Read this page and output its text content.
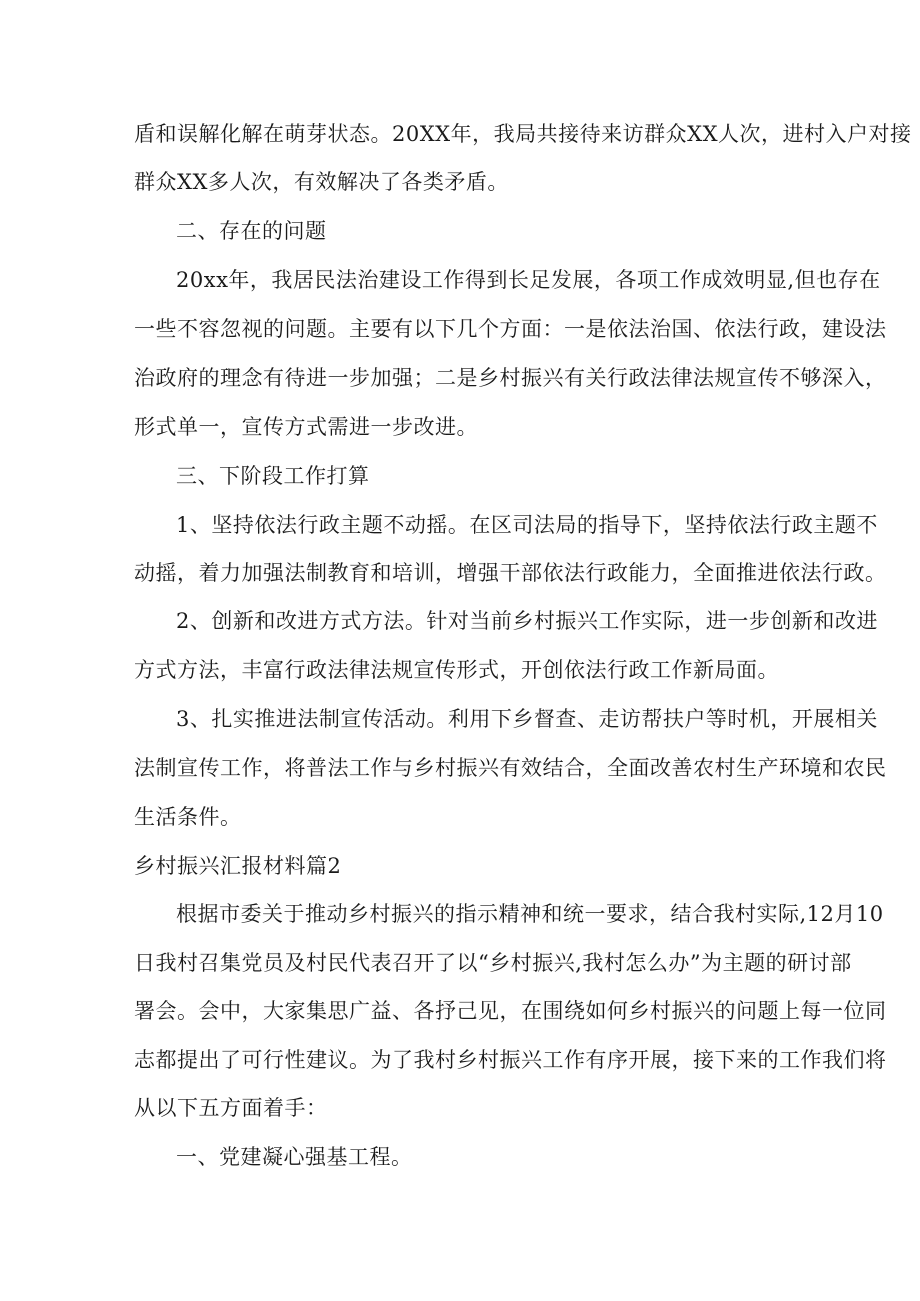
盾和误解化解在萌芽状态。20XX年，我局共接待来访群众XX人次，进村入户对接
群众XX多人次，有效解决了各类矛盾。
二、存在的问题
20xx年，我居民法治建设工作得到长足发展，各项工作成效明显,但也存在
一些不容忽视的问题。主要有以下几个方面：一是依法治国、依法行政，建设法
治政府的理念有待进一步加强；二是乡村振兴有关行政法律法规宣传不够深入，
形式单一，宣传方式需进一步改进。
三、下阶段工作打算
1、坚持依法行政主题不动摇。在区司法局的指导下，坚持依法行政主题不
动摇，着力加强法制教育和培训，增强干部依法行政能力，全面推进依法行政。
2、创新和改进方式方法。针对当前乡村振兴工作实际，进一步创新和改进
方式方法，丰富行政法律法规宣传形式，开创依法行政工作新局面。
3、扎实推进法制宣传活动。利用下乡督查、走访帮扶户等时机，开展相关
法制宣传工作，将普法工作与乡村振兴有效结合，全面改善农村生产环境和农民
生活条件。
乡村振兴汇报材料篇2
根据市委关于推动乡村振兴的指示精神和统一要求，结合我村实际,12月10
日我村召集党员及村民代表召开了以“乡村振兴,我村怎么办”为主题的研讨部
署会。会中，大家集思广益、各抒己见，在围绕如何乡村振兴的问题上每一位同
志都提出了可行性建议。为了我村乡村振兴工作有序开展，接下来的工作我们将
从以下五方面着手：
一、党建凝心强基工程。
